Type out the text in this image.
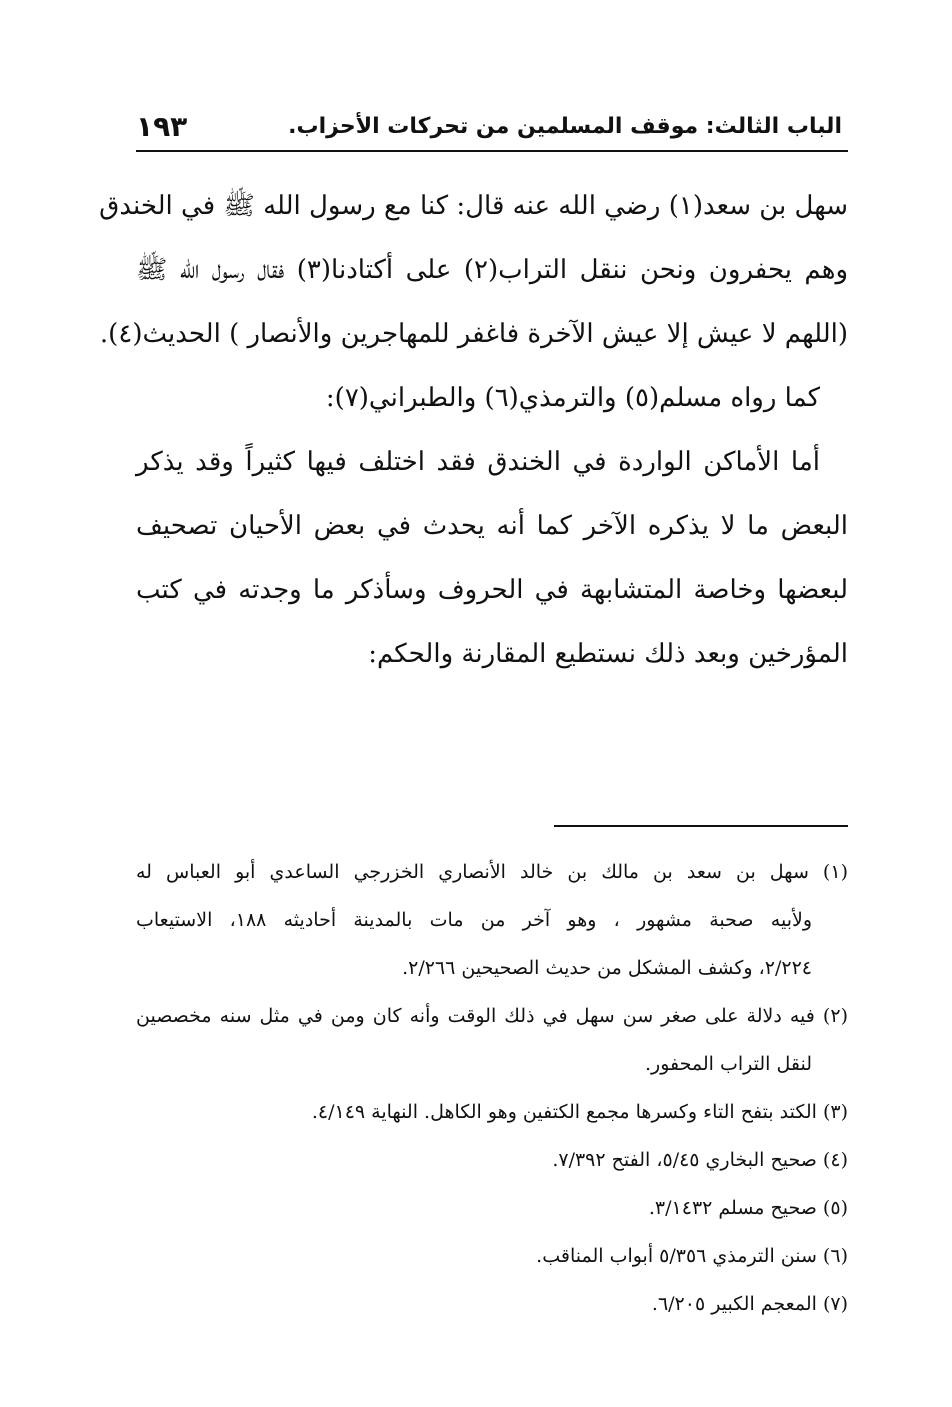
الباب الثالث: موقف المسلمين من تحركات الأحزاب.
١٩٣
سهل بن سعد(١) رضي الله عنه قال: كنا مع رسول الله ﷺ في الخندق
وهم يحفرون ونحن ننقل التراب(٢) على أكتادنا(٣) فقال رسول الله ﷺ
(اللهم لا عيش إلا عيش الآخرة فاغفر للمهاجرين والأنصار ) الحديث(٤).
كما رواه مسلم(٥) والترمذي(٦) والطبراني(٧):
أما الأماكن الواردة في الخندق فقد اختلف فيها كثيراً وقد يذكر
البعض ما لا يذكره الآخر كما أنه يحدث في بعض الأحيان تصحيف
لبعضها وخاصة المتشابهة في الحروف وسأذكر ما وجدته في كتب
المؤرخين وبعد ذلك نستطيع المقارنة والحكم:
(١) سهل بن سعد بن مالك بن خالد الأنصاري الخزرجي الساعدي أبو العباس له
ولأبيه صحبة مشهور ، وهو آخر من مات بالمدينة أحاديثه ١٨٨، الاستيعاب
٢/٢٢٤، وكشف المشكل من حديث الصحيحين ٢/٢٦٦.
(٢) فيه دلالة على صغر سن سهل في ذلك الوقت وأنه كان ومن في مثل سنه مخصصين
لنقل التراب المحفور.
(٣) الكتد بتفح التاء وكسرها مجمع الكتفين وهو الكاهل. النهاية ٤/١٤٩.
(٤) صحيح البخاري ٥/٤٥، الفتح ٧/٣٩٢.
(٥) صحيح مسلم ٣/١٤٣٢.
(٦) سنن الترمذي ٥/٣٥٦ أبواب المناقب.
(٧) المعجم الكبير ٦/٢٠٥.
